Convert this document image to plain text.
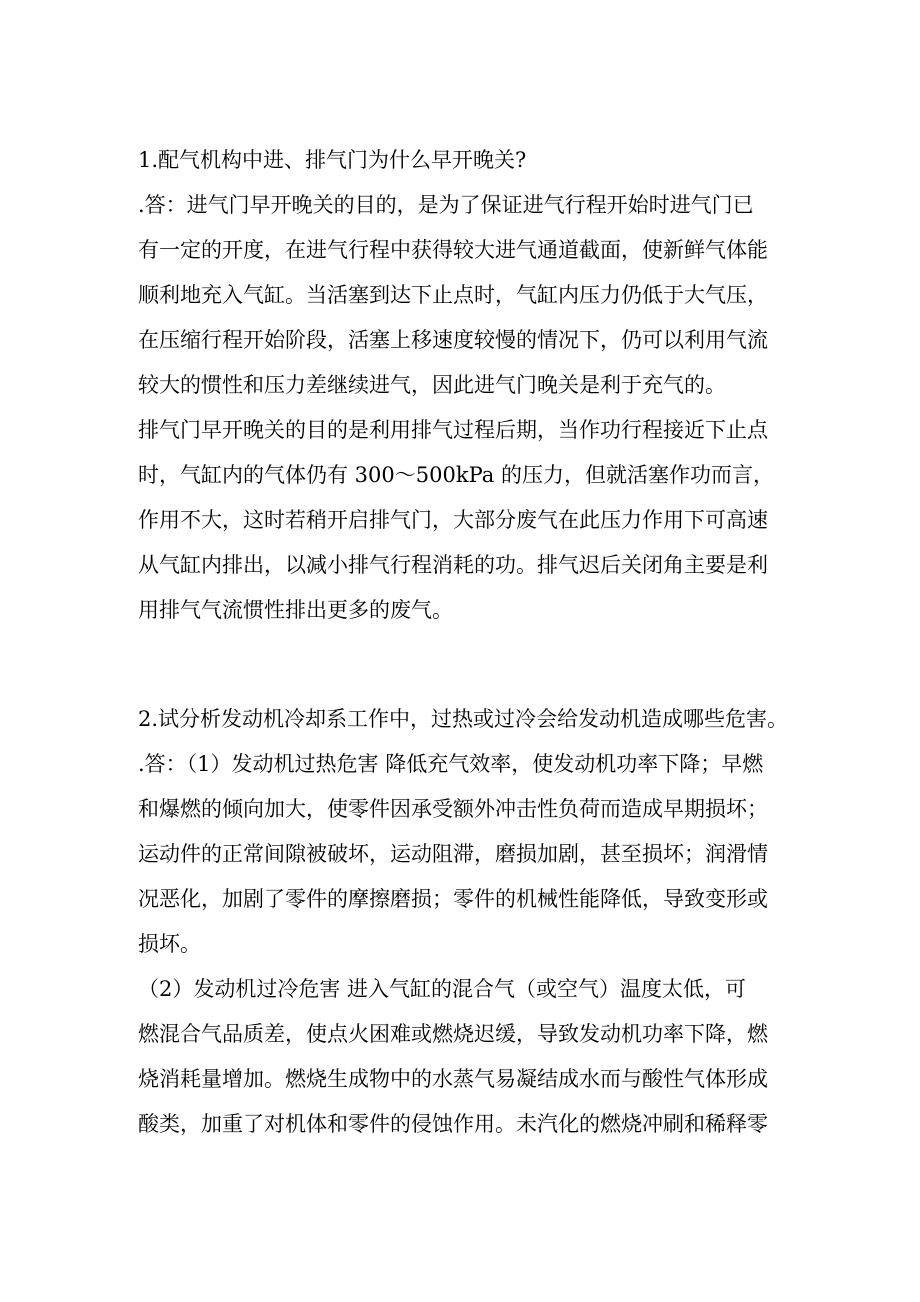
1.配气机构中进、排气门为什么早开晚关?
.答：进气门早开晚关的目的，是为了保证进气行程开始时进气门已
有一定的开度，在进气行程中获得较大进气通道截面，使新鲜气体能
顺利地充入气缸。当活塞到达下止点时，气缸内压力仍低于大气压，
在压缩行程开始阶段，活塞上移速度较慢的情况下，仍可以利用气流
较大的惯性和压力差继续进气，因此进气门晚关是利于充气的。
排气门早开晚关的目的是利用排气过程后期，当作功行程接近下止点
时，气缸内的气体仍有 300～500kPa 的压力，但就活塞作功而言，
作用不大，这时若稍开启排气门，大部分废气在此压力作用下可高速
从气缸内排出，以减小排气行程消耗的功。排气迟后关闭角主要是利
用排气气流惯性排出更多的废气。
2.试分析发动机冷却系工作中，过热或过冷会给发动机造成哪些危害。
.答：（1）发动机过热危害 降低充气效率，使发动机功率下降；早燃
和爆燃的倾向加大，使零件因承受额外冲击性负荷而造成早期损坏；
运动件的正常间隙被破坏，运动阻滞，磨损加剧，甚至损坏；润滑情
况恶化，加剧了零件的摩擦磨损；零件的机械性能降低，导致变形或
损坏。
（2）发动机过冷危害 进入气缸的混合气（或空气）温度太低，可
燃混合气品质差，使点火困难或燃烧迟缓，导致发动机功率下降，燃
烧消耗量增加。燃烧生成物中的水蒸气易凝结成水而与酸性气体形成
酸类，加重了对机体和零件的侵蚀作用。未汽化的燃烧冲刷和稀释零
